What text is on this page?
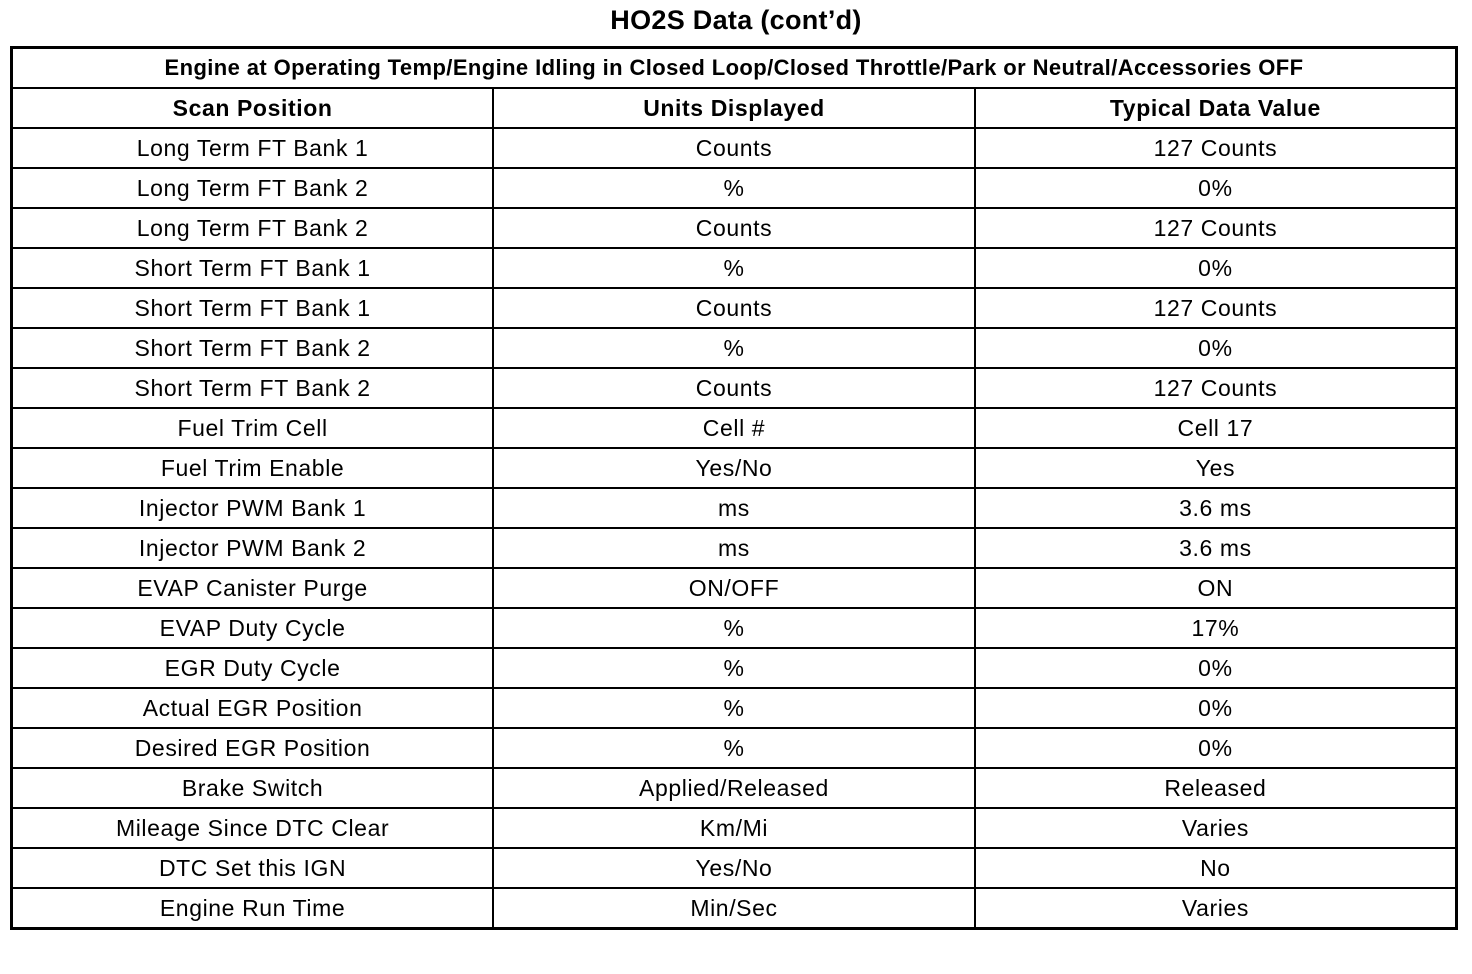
HO2S Data (cont’d)
Engine at Operating Temp/Engine Idling in Closed Loop/Closed Throttle/Park or Neutral/Accessories OFF		
Scan Position	Units Displayed	Typical Data Value
Long Term FT Bank 1	Counts	127 Counts
Long Term FT Bank 2	%	0%
Long Term FT Bank 2	Counts	127 Counts
Short Term FT Bank 1	%	0%
Short Term FT Bank 1	Counts	127 Counts
Short Term FT Bank 2	%	0%
Short Term FT Bank 2	Counts	127 Counts
Fuel Trim Cell	Cell #	Cell 17
Fuel Trim Enable	Yes/No	Yes
Injector PWM Bank 1	ms	3.6 ms
Injector PWM Bank 2	ms	3.6 ms
EVAP Canister Purge	ON/OFF	ON
EVAP Duty Cycle	%	17%
EGR Duty Cycle	%	0%
Actual EGR Position	%	0%
Desired EGR Position	%	0%
Brake Switch	Applied/Released	Released
Mileage Since DTC Clear	Km/Mi	Varies
DTC Set this IGN	Yes/No	No
Engine Run Time	Min/Sec	Varies
